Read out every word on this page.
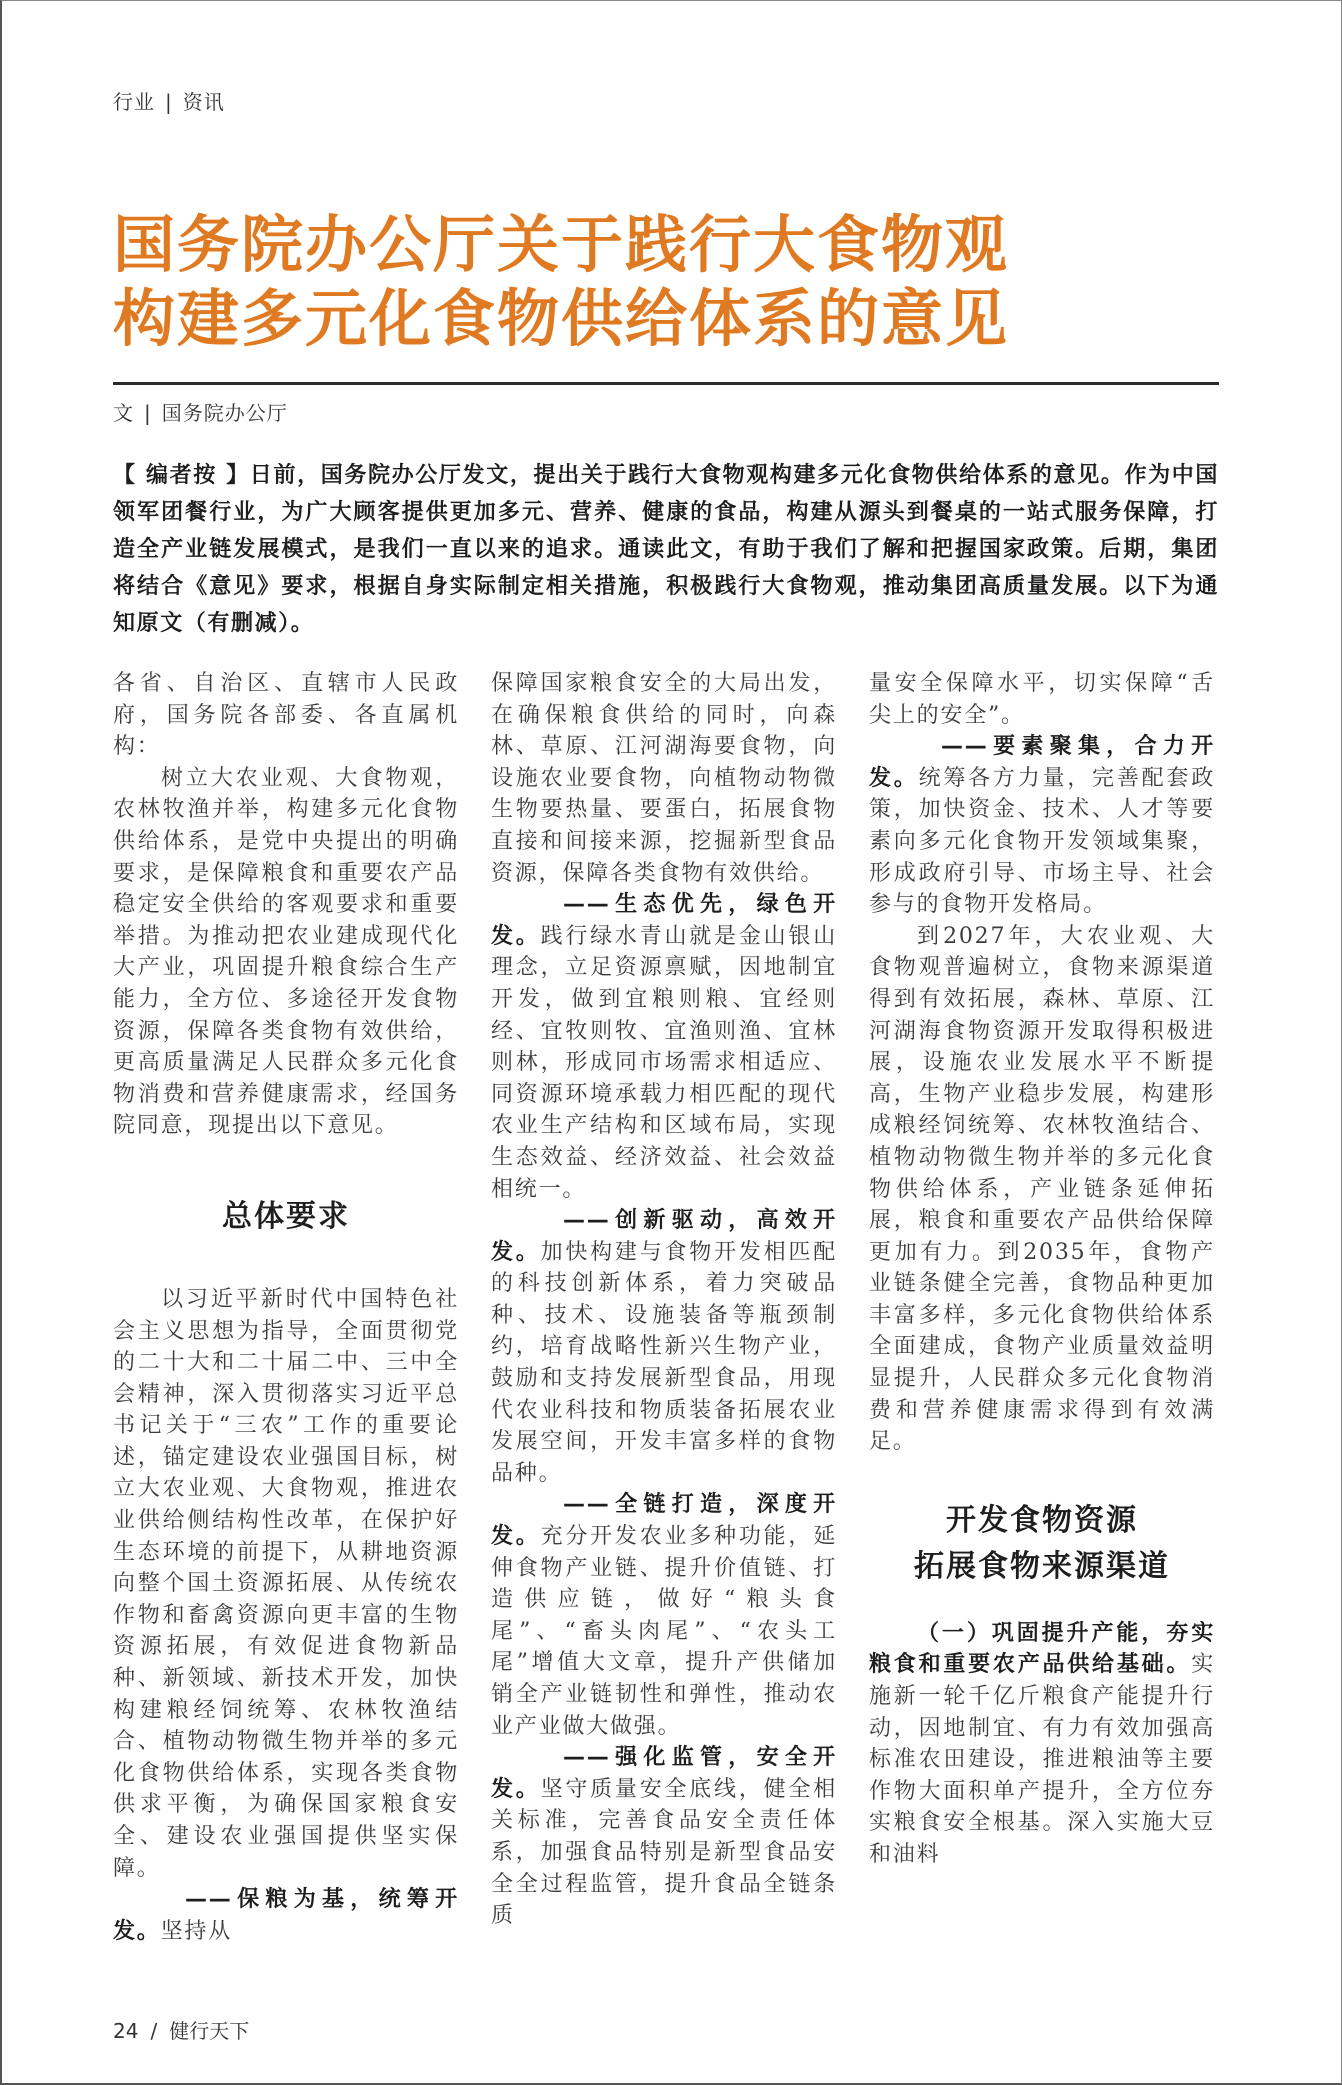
行业 | 资讯
国务院办公厅关于践行大食物观
构建多元化食物供给体系的意见
文 | 国务院办公厅
【 编者按 】日前，国务院办公厅发文，提出关于践行大食物观构建多元化食物供给体系的意见。作为中国领军团餐行业，为广大顾客提供更加多元、营养、健康的食品，构建从源头到餐桌的一站式服务保障，打造全产业链发展模式，是我们一直以来的追求。通读此文，有助于我们了解和把握国家政策。后期，集团将结合《意见》要求，根据自身实际制定相关措施，积极践行大食物观，推动集团高质量发展。以下为通知原文（有删减）。

各省、自治区、直辖市人民政府，国务院各部委、各直属机构：

树立大农业观、大食物观，农林牧渔并举，构建多元化食物供给体系，是党中央提出的明确要求，是保障粮食和重要农产品稳定安全供给的客观要求和重要举措。为推动把农业建成现代化大产业，巩固提升粮食综合生产能力，全方位、多途径开发食物资源，保障各类食物有效供给，更高质量满足人民群众多元化食物消费和营养健康需求，经国务院同意，现提出以下意见。

总体要求

以习近平新时代中国特色社会主义思想为指导，全面贯彻党的二十大和二十届二中、三中全会精神，深入贯彻落实习近平总书记关于“三农”工作的重要论述，锚定建设农业强国目标，树立大农业观、大食物观，推进农业供给侧结构性改革，在保护好生态环境的前提下，从耕地资源向整个国土资源拓展、从传统农作物和畜禽资源向更丰富的生物资源拓展，有效促进食物新品种、新领域、新技术开发，加快构建粮经饲统筹、农林牧渔结合、植物动物微生物并举的多元化食物供给体系，实现各类食物供求平衡，为确保国家粮食安全、建设农业强国提供坚实保障。

——保粮为基，统筹开发。坚持从

保障国家粮食安全的大局出发，在确保粮食供给的同时，向森林、草原、江河湖海要食物，向设施农业要食物，向植物动物微生物要热量、要蛋白，拓展食物直接和间接来源，挖掘新型食品资源，保障各类食物有效供给。

——生态优先，绿色开发。践行绿水青山就是金山银山理念，立足资源禀赋，因地制宜开发，做到宜粮则粮、宜经则经、宜牧则牧、宜渔则渔、宜林则林，形成同市场需求相适应、同资源环境承载力相匹配的现代农业生产结构和区域布局，实现生态效益、经济效益、社会效益相统一。

——创新驱动，高效开发。加快构建与食物开发相匹配的科技创新体系，着力突破品种、技术、设施装备等瓶颈制约，培育战略性新兴生物产业，鼓励和支持发展新型食品，用现代农业科技和物质装备拓展农业发展空间，开发丰富多样的食物品种。

——全链打造，深度开发。充分开发农业多种功能，延伸食物产业链、提升价值链、打造供应链，做好“粮头食尾”、“畜头肉尾”、“农头工尾”增值大文章，提升产供储加销全产业链韧性和弹性，推动农业产业做大做强。

——强化监管，安全开发。坚守质量安全底线，健全相关标准，完善食品安全责任体系，加强食品特别是新型食品安全全过程监管，提升食品全链条质

量安全保障水平，切实保障“舌尖上的安全”。

——要素聚集，合力开发。统筹各方力量，完善配套政策，加快资金、技术、人才等要素向多元化食物开发领域集聚，形成政府引导、市场主导、社会参与的食物开发格局。

到2027年，大农业观、大食物观普遍树立，食物来源渠道得到有效拓展，森林、草原、江河湖海食物资源开发取得积极进展，设施农业发展水平不断提高，生物产业稳步发展，构建形成粮经饲统筹、农林牧渔结合、植物动物微生物并举的多元化食物供给体系，产业链条延伸拓展，粮食和重要农产品供给保障更加有力。到2035年，食物产业链条健全完善，食物品种更加丰富多样，多元化食物供给体系全面建成，食物产业质量效益明显提升，人民群众多元化食物消费和营养健康需求得到有效满足。

开发食物资源
拓展食物来源渠道

（一）巩固提升产能，夯实粮食和重要农产品供给基础。实施新一轮千亿斤粮食产能提升行动，因地制宜、有力有效加强高标准农田建设，推进粮油等主要作物大面积单产提升，全方位夯实粮食安全根基。深入实施大豆和油料

24 / 健行天下
